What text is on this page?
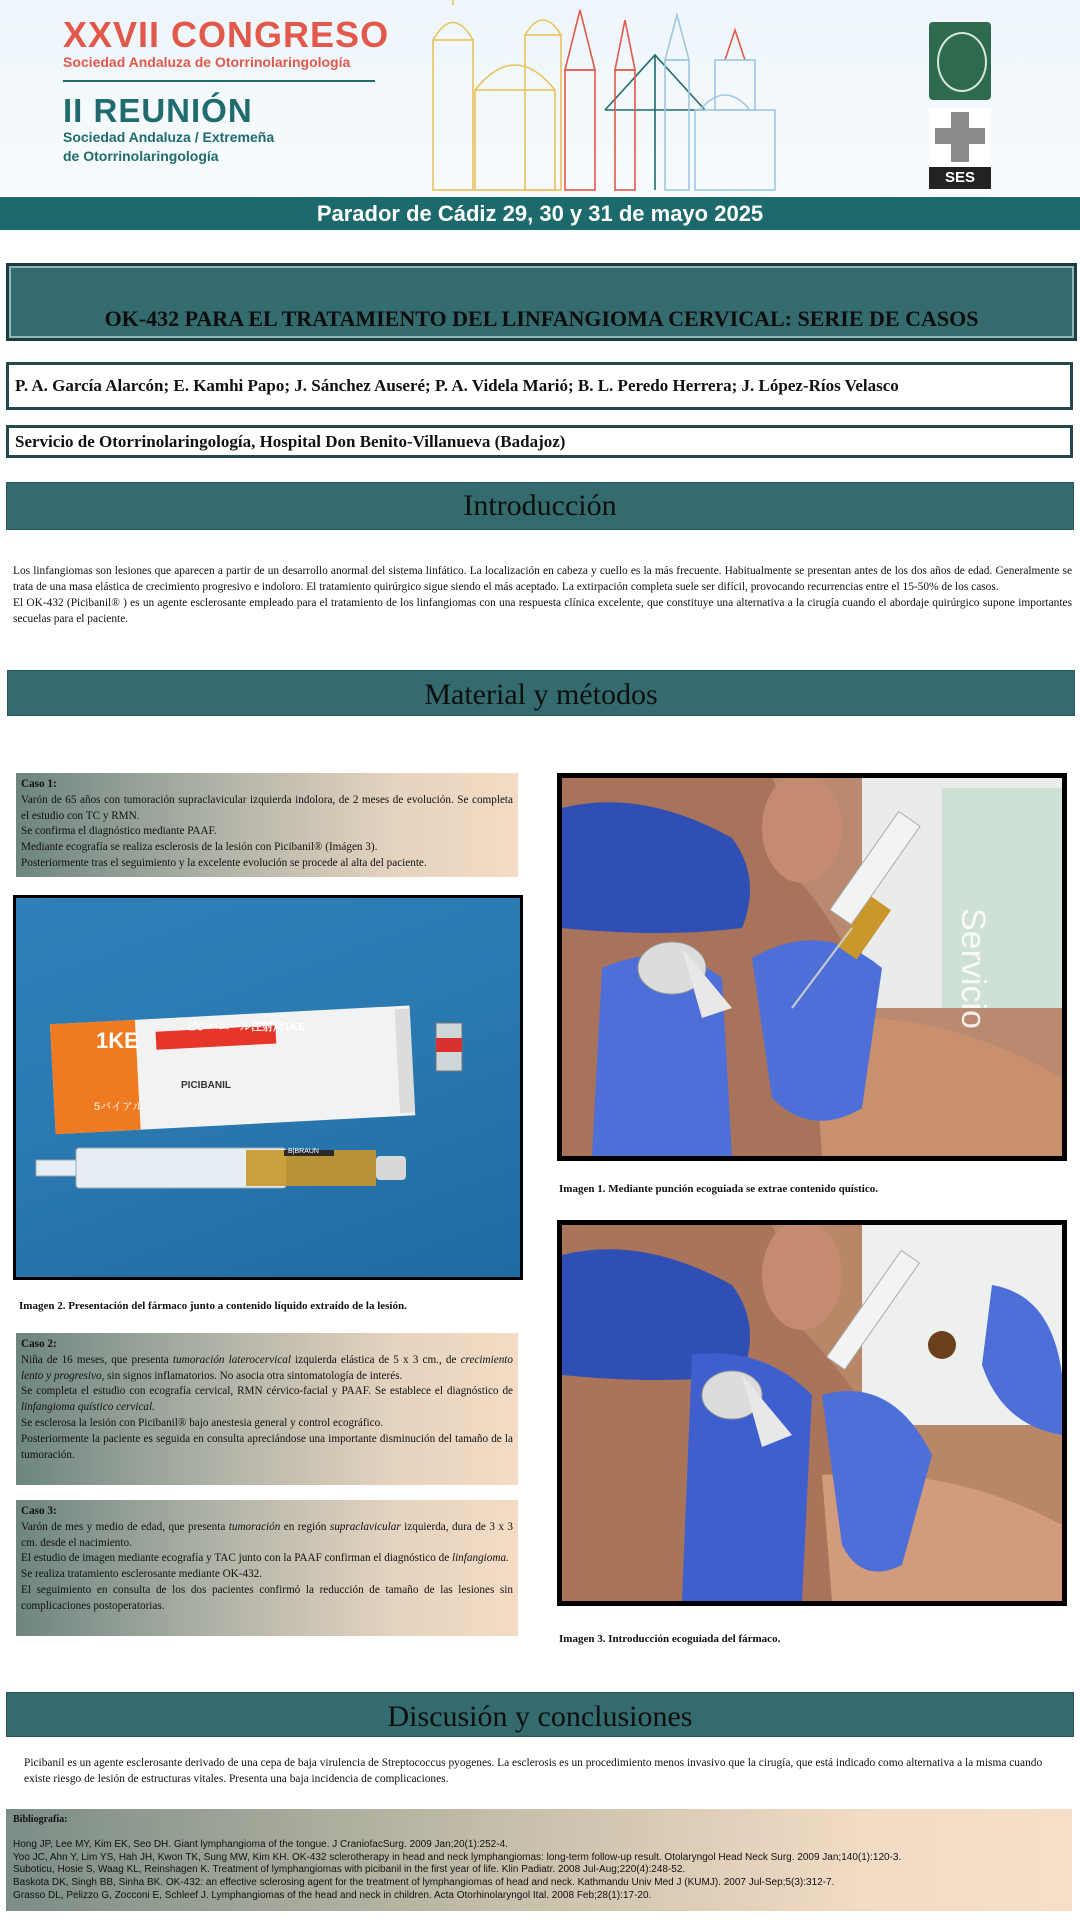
XXVII CONGRESO
Sociedad Andaluza de Otorrinolaringología
II REUNIÓN
Sociedad Andaluza / Extremeña
de Otorrinolaringología
SES
Parador de Cádiz 29, 30 y 31 de mayo 2025
OK-432 PARA EL TRATAMIENTO DEL LINFANGIOMA CERVICAL: SERIE DE CASOS
P. A. García Alarcón; E. Kamhi Papo; J. Sánchez Auseré; P. A. Videla Marió; B. L. Peredo Herrera; J. López-Ríos Velasco
Servicio de Otorrinolaringología, Hospital Don Benito-Villanueva (Badajoz)
Introducción
Los linfangiomas son lesiones que aparecen a partir de un desarrollo anormal del sistema linfático. La localización en cabeza y cuello es la más frecuente. Habitualmente se presentan antes de los dos años de edad. Generalmente se trata de una masa elástica de crecimiento progresivo e indoloro. El tratamiento quirúrgico sigue siendo el más aceptado. La extirpación completa suele ser difícil, provocando recurrencias entre el 15-50% de los casos.
El OK-432 (Picibanil® ) es un agente esclerosante empleado para el tratamiento de los linfangiomas con una respuesta clínica excelente, que constituye una alternativa a la cirugía cuando el abordaje quirúrgico supone importantes secuelas para el paciente.
Material y métodos
Caso 1:
Varón de 65 años con tumoración supraclavicular izquierda indolora, de 2 meses de evolución. Se completa el estudio con TC y RMN.
Se confirma el diagnóstico mediante PAAF.
Mediante ecografía se realiza esclerosis de la lesión con Picibanil® (Imágen 3).
Posteriormente tras el seguimiento y la excelente evolución se procede al alta del paciente.
1KE
5バイアル
ピシバニール注射用1KE
PICIBANIL
B|BRAUN
Imagen 2. Presentación del fármaco junto a contenido líquido extraído de la lesión.
Caso 2:
Niña de 16 meses, que presenta tumoración laterocervical izquierda elástica de 5 x 3 cm., de crecimiento lento y progresivo, sin signos inflamatorios. No asocia otra sintomatología de interés.
Se completa el estudio con ecografía cervical, RMN cérvico-facial y PAAF. Se establece el diagnóstico de linfangioma quístico cervical.
Se esclerosa la lesión con Picibanil® bajo anestesia general y control ecográfico.
Posteriormente la paciente es seguida en consulta apreciándose una importante disminución del tamaño de la tumoración.
Caso 3:
Varón de mes y medio de edad, que presenta tumoración en región supraclavicular izquierda, dura de 3 x 3 cm. desde el nacimiento.
El estudio de imagen mediante ecografía y TAC junto con la PAAF confirman el diagnóstico de linfangioma.
Se realiza tratamiento esclerosante mediante OK-432.
El seguimiento en consulta de los dos pacientes confirmó la reducción de tamaño de las lesiones sin complicaciones postoperatorias.
Servicio
Imagen 1. Mediante punción ecoguiada se extrae contenido quístico.
Imagen 3. Introducción ecoguiada del fármaco.
Discusión y conclusiones
Picibanil es un agente esclerosante derivado de una cepa de baja virulencia de Streptococcus pyogenes. La esclerosis es un procedimiento menos invasivo que la cirugía, que está indicado como alternativa a la misma cuando existe riesgo de lesión de estructuras vitales. Presenta una baja incidencia de complicaciones.
Bibliografía:
Hong JP, Lee MY, Kim EK, Seo DH. Giant lymphangioma of the tongue. J CraniofacSurg. 2009 Jan;20(1):252-4.
Yoo JC, Ahn Y, Lim YS, Hah JH, Kwon TK, Sung MW, Kim KH. OK-432 sclerotherapy in head and neck lymphangiomas: long-term follow-up result. Otolaryngol Head Neck Surg. 2009 Jan;140(1):120-3.
Suboticu, Hosie S, Waag KL, Reinshagen K. Treatment of lymphangiomas with picibanil in the first year of life. Klin Padiatr. 2008 Jul-Aug;220(4):248-52.
Baskota DK, Singh BB, Sinha BK. OK-432: an effective sclerosing agent for the treatment of lymphangiomas of head and neck. Kathmandu Univ Med J (KUMJ). 2007 Jul-Sep;5(3):312-7.
Grasso DL, Pelizzo G, Zocconi E, Schleef J. Lymphangiomas of the head and neck in children. Acta Otorhinolaryngol Ital. 2008 Feb;28(1):17-20.
